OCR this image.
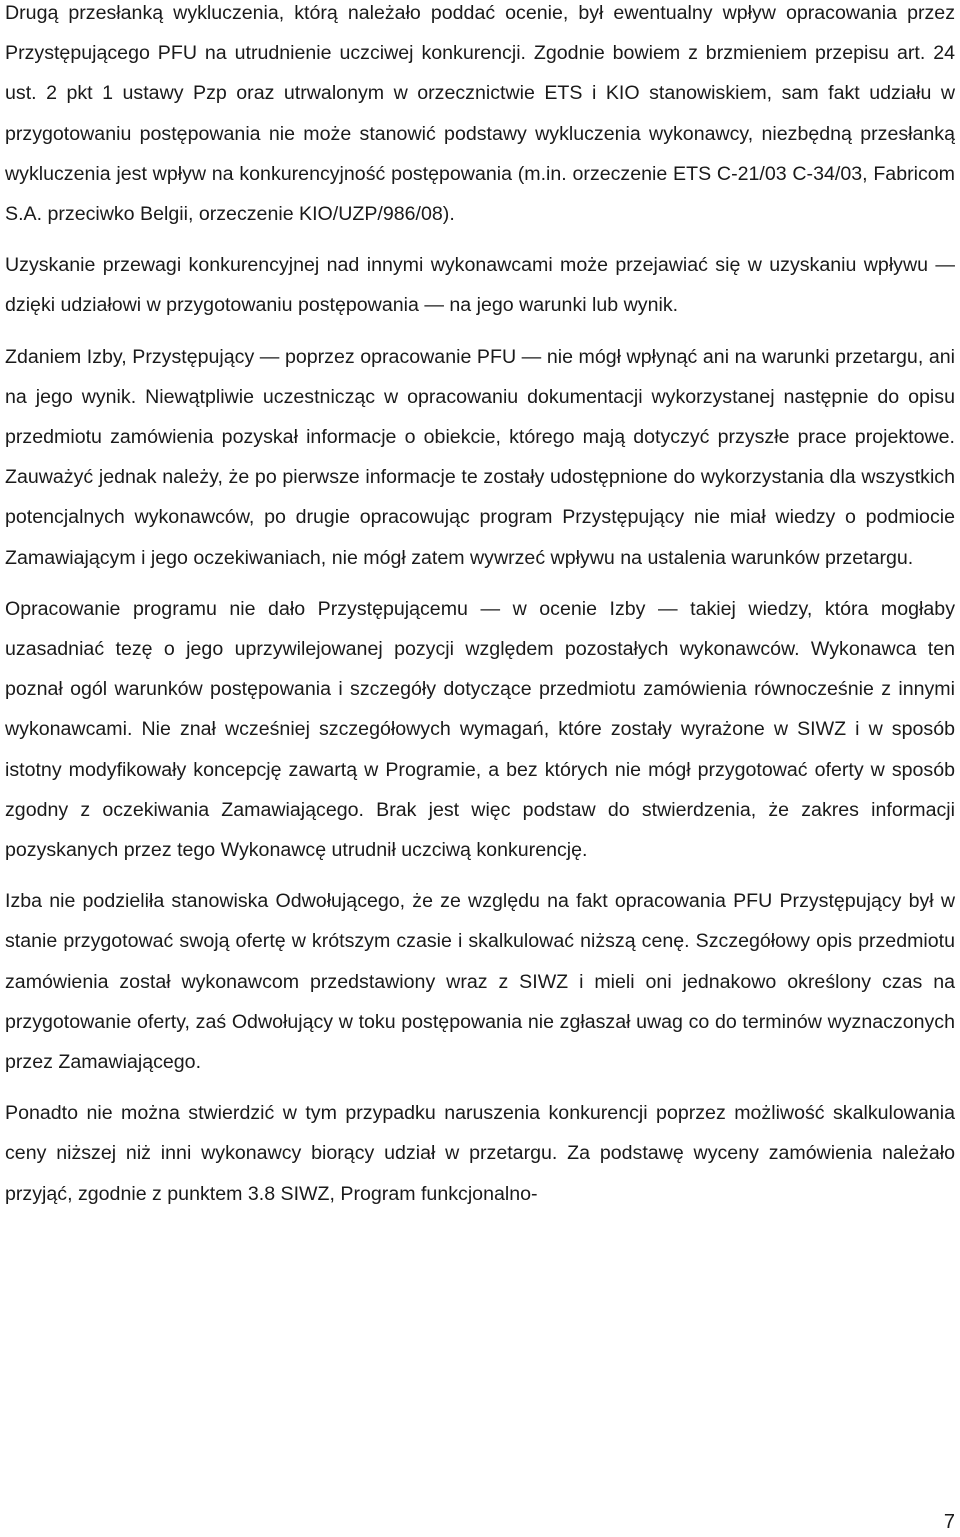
Drugą przesłanką wykluczenia, którą należało poddać ocenie, był ewentualny wpływ opracowania przez Przystępującego PFU na utrudnienie uczciwej konkurencji. Zgodnie bowiem z brzmieniem przepisu art. 24 ust. 2 pkt 1 ustawy Pzp oraz utrwalonym w orzecznictwie ETS i KIO stanowiskiem, sam fakt udziału w przygotowaniu postępowania nie może stanowić podstawy wykluczenia wykonawcy, niezbędną przesłanką wykluczenia jest wpływ na konkurencyjność postępowania (m.in. orzeczenie ETS C-21/03 C-34/03, Fabricom S.A. przeciwko Belgii, orzeczenie KIO/UZP/986/08).

Uzyskanie przewagi konkurencyjnej nad innymi wykonawcami może przejawiać się w uzyskaniu wpływu — dzięki udziałowi w przygotowaniu postępowania — na jego warunki lub wynik.

Zdaniem Izby, Przystępujący — poprzez opracowanie PFU — nie mógł wpłynąć ani na warunki przetargu, ani na jego wynik. Niewątpliwie uczestnicząc w opracowaniu dokumentacji wykorzystanej następnie do opisu przedmiotu zamówienia pozyskał informacje o obiekcie, którego mają dotyczyć przyszłe prace projektowe. Zauważyć jednak należy, że po pierwsze informacje te zostały udostępnione do wykorzystania dla wszystkich potencjalnych wykonawców, po drugie opracowując program Przystępujący nie miał wiedzy o podmiocie Zamawiającym i jego oczekiwaniach, nie mógł zatem wywrzeć wpływu na ustalenia warunków przetargu.

Opracowanie programu nie dało Przystępującemu — w ocenie Izby — takiej wiedzy, która mogłaby uzasadniać tezę o jego uprzywilejowanej pozycji względem pozostałych wykonawców. Wykonawca ten poznał ogól warunków postępowania i szczegóły dotyczące przedmiotu zamówienia równocześnie z innymi wykonawcami. Nie znał wcześniej szczegółowych wymagań, które zostały wyrażone w SIWZ i w sposób istotny modyfikowały koncepcję zawartą w Programie, a bez których nie mógł przygotować oferty w sposób zgodny z oczekiwania Zamawiającego. Brak jest więc podstaw do stwierdzenia, że zakres informacji pozyskanych przez tego Wykonawcę utrudnił uczciwą konkurencję.

Izba nie podzieliła stanowiska Odwołującego, że ze względu na fakt opracowania PFU Przystępujący był w stanie przygotować swoją ofertę w krótszym czasie i skalkulować niższą cenę. Szczegółowy opis przedmiotu zamówienia został wykonawcom przedstawiony wraz z SIWZ i mieli oni jednakowo określony czas na przygotowanie oferty, zaś Odwołujący w toku postępowania nie zgłaszał uwag co do terminów wyznaczonych przez Zamawiającego.

Ponadto nie można stwierdzić w tym przypadku naruszenia konkurencji poprzez możliwość skalkulowania ceny niższej niż inni wykonawcy biorący udział w przetargu. Za podstawę wyceny zamówienia należało przyjąć, zgodnie z punktem 3.8 SIWZ, Program funkcjonalno-

7
